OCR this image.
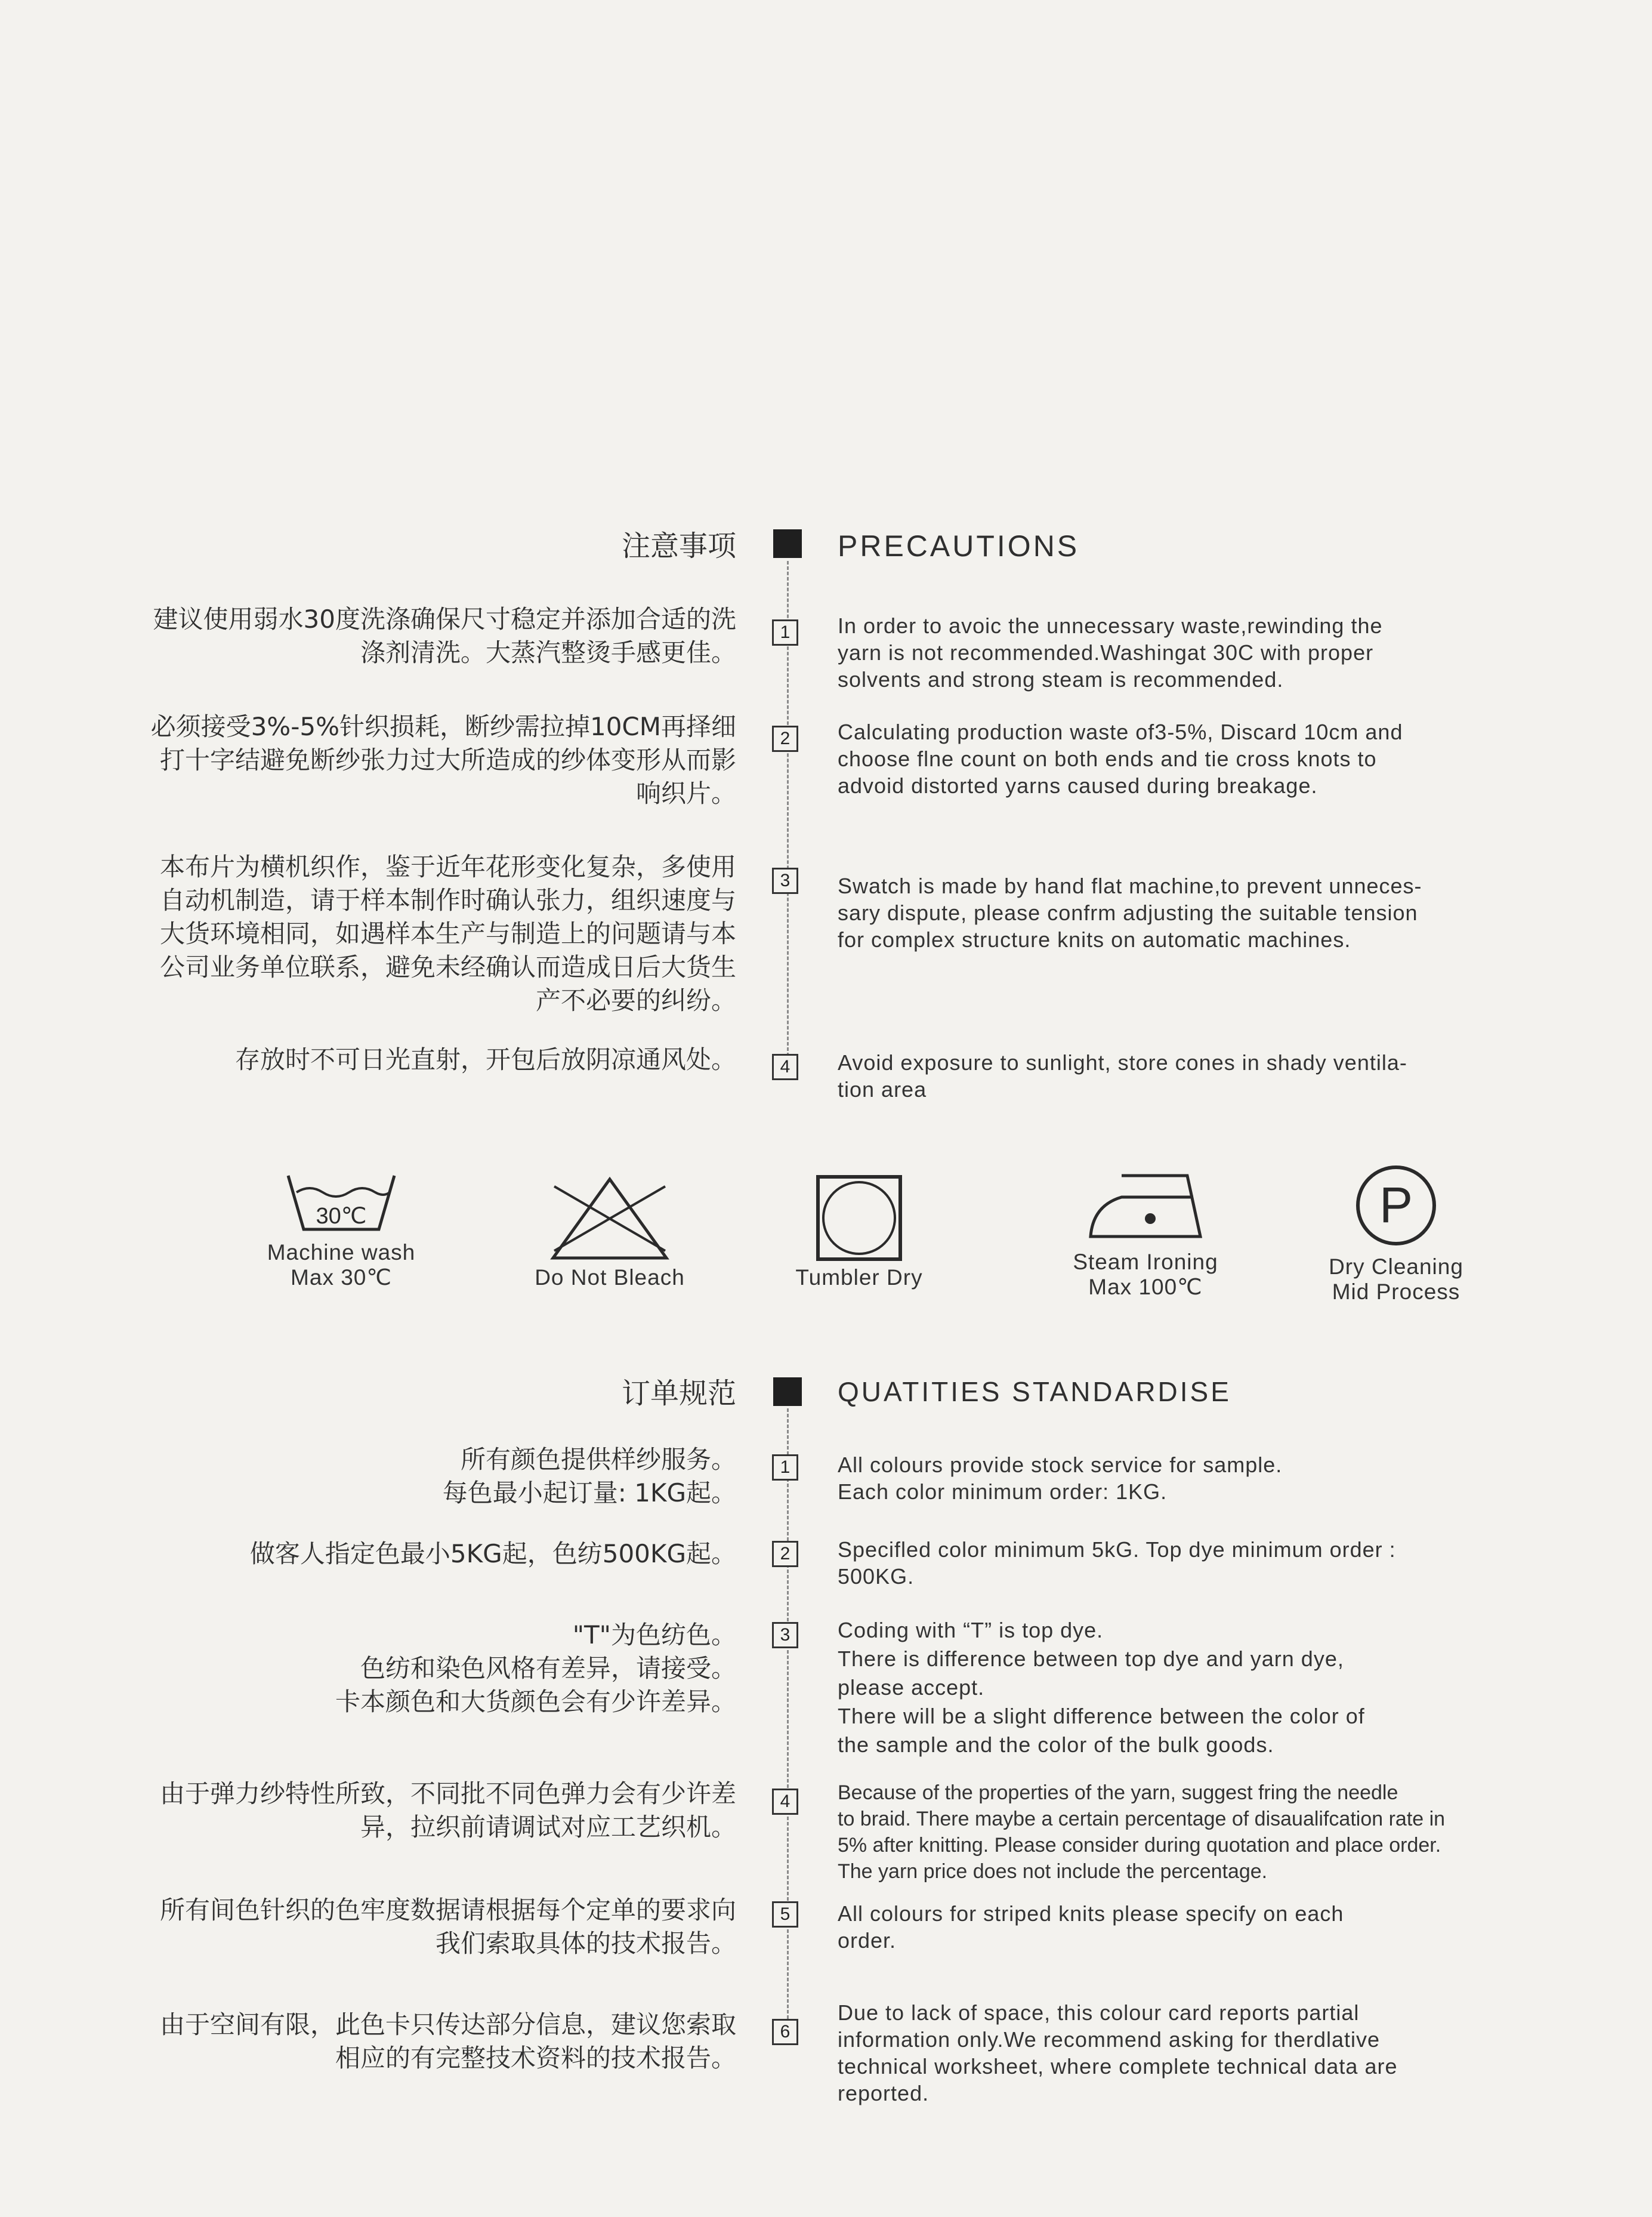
注意事项	PRECAUTIONS
建议使用弱水30度洗涤确保尺寸稳定并添加合适的洗
涤剂清洗。大蒸汽整烫手感更佳。
1	In order to avoic the unnecessary waste,rewinding the
yarn is not recommended.Washingat 30C with proper
solvents and strong steam is recommended.
必须接受3%-5%针织损耗，断纱需拉掉10CM再择细
打十字结避免断纱张力过大所造成的纱体变形从而影
响织片。
2	Calculating production waste of3-5%, Discard 10cm and
choose flne count on both ends and tie cross knots to
advoid distorted yarns caused during breakage.
本布片为横机织作，鉴于近年花形变化复杂，多使用
自动机制造，请于样本制作时确认张力，组织速度与
大货环境相同，如遇样本生产与制造上的问题请与本
公司业务单位联系，避免未经确认而造成日后大货生
产不必要的纠纷。
3	Swatch is made by hand flat machine,to prevent unneces-
sary dispute, please confrm adjusting the suitable tension
for complex structure knits on automatic machines.
存放时不可日光直射，开包后放阴凉通风处。	4	Avoid exposure to sunlight, store cones in shady ventila-
tion area
30℃
Machine wash
Max 30℃	Do Not Bleach	Tumbler Dry
Steam Ironing
Max 100℃
P
Dry Cleaning
Mid Process
订单规范	QUATITIES STANDARDISE
所有颜色提供样纱服务。
每色最小起订量: 1KG起。
1	All colours provide stock service for sample.
Each color minimum order: 1KG.
做客人指定色最小5KG起，色纺500KG起。	2	Specifled color minimum 5kG. Top dye minimum order :
500KG.
"T"为色纺色。
色纺和染色风格有差异，请接受。
卡本颜色和大货颜色会有少许差异。
3	Coding with “T” is top dye.
There is difference between top dye and yarn dye,
please accept.
There will be a slight difference between the color of
the sample and the color of the bulk goods.
由于弹力纱特性所致，不同批不同色弹力会有少许差
异，拉织前请调试对应工艺织机。
4	Because of the properties of the yarn, suggest fring the needle
to braid. There maybe a certain percentage of disaualifcation rate in
5% after knitting. Please consider during quotation and place order.
The yarn price does not include the percentage.
所有间色针织的色牢度数据请根据每个定单的要求向
我们索取具体的技术报告。
5	All colours for striped knits please specify on each
order.
由于空间有限，此色卡只传达部分信息，建议您索取
相应的有完整技术资料的技术报告。
6
Due to lack of space, this colour card reports partial
information only.We recommend asking for therdlative
technical worksheet, where complete technical data are
reported.
